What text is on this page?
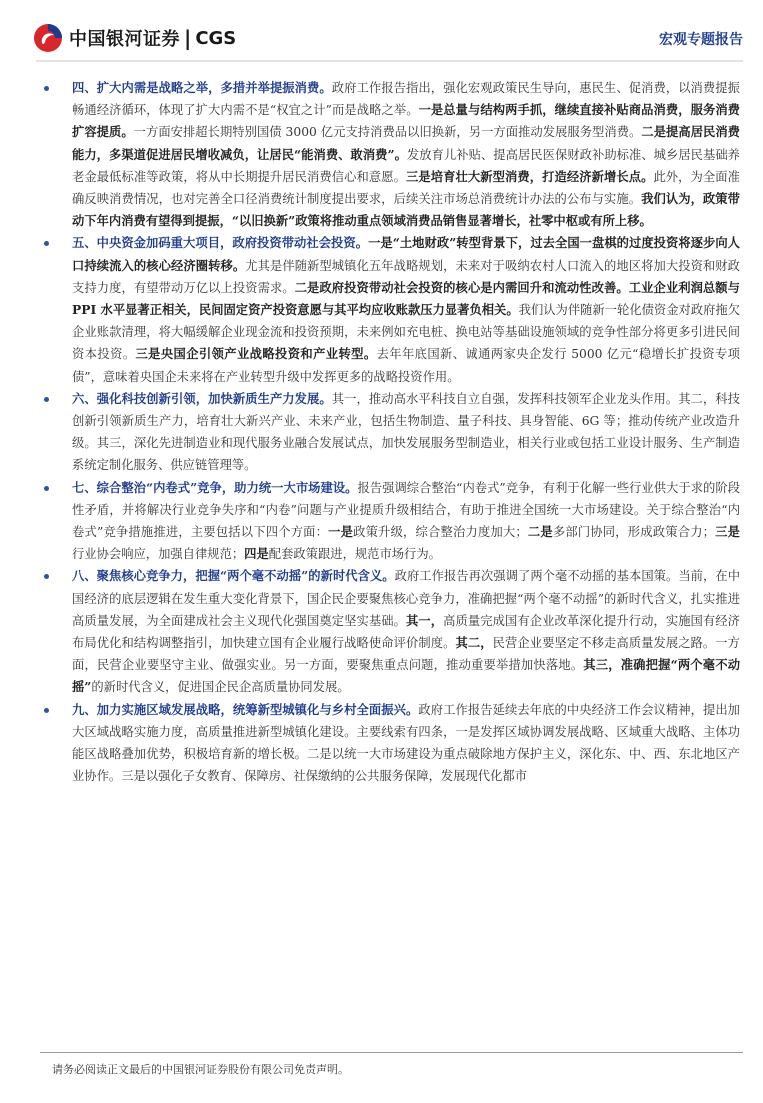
中国银河证券 | CGS	宏观专题报告
四、扩大内需是战略之举，多措并举提振消费。政府工作报告指出，强化宏观政策民生导向，惠民生、促消费，以消费提振畅通经济循环，体现了扩大内需不是“权宜之计”而是战略之举。一是总量与结构两手抓，继续直接补贴商品消费，服务消费扩容提质。一方面安排超长期特别国债 3000 亿元支持消费品以旧换新，另一方面推动发展服务型消费。二是提高居民消费能力，多渠道促进居民增收减负，让居民“能消费、敢消费”。发放育儿补贴、提高居民医保财政补助标准、城乡居民基础养老金最低标准等政策，将从中长期提升居民消费信心和意愿。三是培育壮大新型消费，打造经济新增长点。此外，为全面准确反映消费情况，也对完善全口径消费统计制度提出要求，后续关注市场总消费统计办法的公布与实施。我们认为，政策带动下年内消费有望得到提振，“以旧换新”政策将推动重点领域消费品销售显著增长，社零中枢或有所上移。
五、中央资金加码重大项目，政府投资带动社会投资。一是“土地财政”转型背景下，过去全国一盘棋的过度投资将逐步向人口持续流入的核心经济圈转移。尤其是伴随新型城镇化五年战略规划，未来对于吸纳农村人口流入的地区将加大投资和财政支持力度，有望带动万亿以上投资需求。二是政府投资带动社会投资的核心是内需回升和流动性改善。工业企业利润总额与 PPI 水平显著正相关，民间固定资产投资意愿与其平均应收账款压力显著负相关。我们认为伴随新一轮化债资金对政府拖欠企业账款清理，将大幅缓解企业现金流和投资预期，未来例如充电桩、换电站等基础设施领域的竞争性部分将更多引进民间资本投资。三是央国企引领产业战略投资和产业转型。去年年底国新、诚通两家央企发行 5000 亿元“稳增长扩投资专项债”，意味着央国企未来将在产业转型升级中发挥更多的战略投资作用。
六、强化科技创新引领，加快新质生产力发展。其一，推动高水平科技自立自强，发挥科技领军企业龙头作用。其二，科技创新引领新质生产力，培育壮大新兴产业、未来产业，包括生物制造、量子科技、具身智能、6G 等；推动传统产业改造升级。其三，深化先进制造业和现代服务业融合发展试点，加快发展服务型制造业，相关行业或包括工业设计服务、生产制造系统定制化服务、供应链管理等。
七、综合整治“内卷式”竞争，助力统一大市场建设。报告强调综合整治“内卷式”竞争，有利于化解一些行业供大于求的阶段性矛盾，并将解决行业竞争失序和“内卷”问题与产业提质升级相结合，有助于推进全国统一大市场建设。关于综合整治“内卷式”竞争措施推进，主要包括以下四个方面：一是政策升级，综合整治力度加大；二是多部门协同，形成政策合力；三是行业协会响应，加强自律规范；四是配套政策跟进，规范市场行为。
八、聚焦核心竞争力，把握“两个毫不动摇”的新时代含义。政府工作报告再次强调了两个毫不动摇的基本国策。当前，在中国经济的底层逻辑在发生重大变化背景下，国企民企要聚焦核心竞争力，准确把握“两个毫不动摇”的新时代含义，扎实推进高质量发展，为全面建成社会主义现代化强国奠定坚实基础。其一，高质量完成国有企业改革深化提升行动，实施国有经济布局优化和结构调整指引，加快建立国有企业履行战略使命评价制度。其二，民营企业要坚定不移走高质量发展之路。一方面，民营企业要坚守主业、做强实业。另一方面，要聚焦重点问题，推动重要举措加快落地。其三，准确把握“两个毫不动摇”的新时代含义，促进国企民企高质量协同发展。
九、加力实施区域发展战略，统筹新型城镇化与乡村全面振兴。政府工作报告延续去年底的中央经济工作会议精神，提出加大区域战略实施力度，高质量推进新型城镇化建设。主要线索有四条，一是发挥区域协调发展战略、区域重大战略、主体功能区战略叠加优势，积极培育新的增长极。二是以统一大市场建设为重点破除地方保护主义，深化东、中、西、东北地区产业协作。三是以强化子女教育、保障房、社保缴纳的公共服务保障，发展现代化都市
请务必阅读正文最后的中国银河证券股份有限公司免责声明。
